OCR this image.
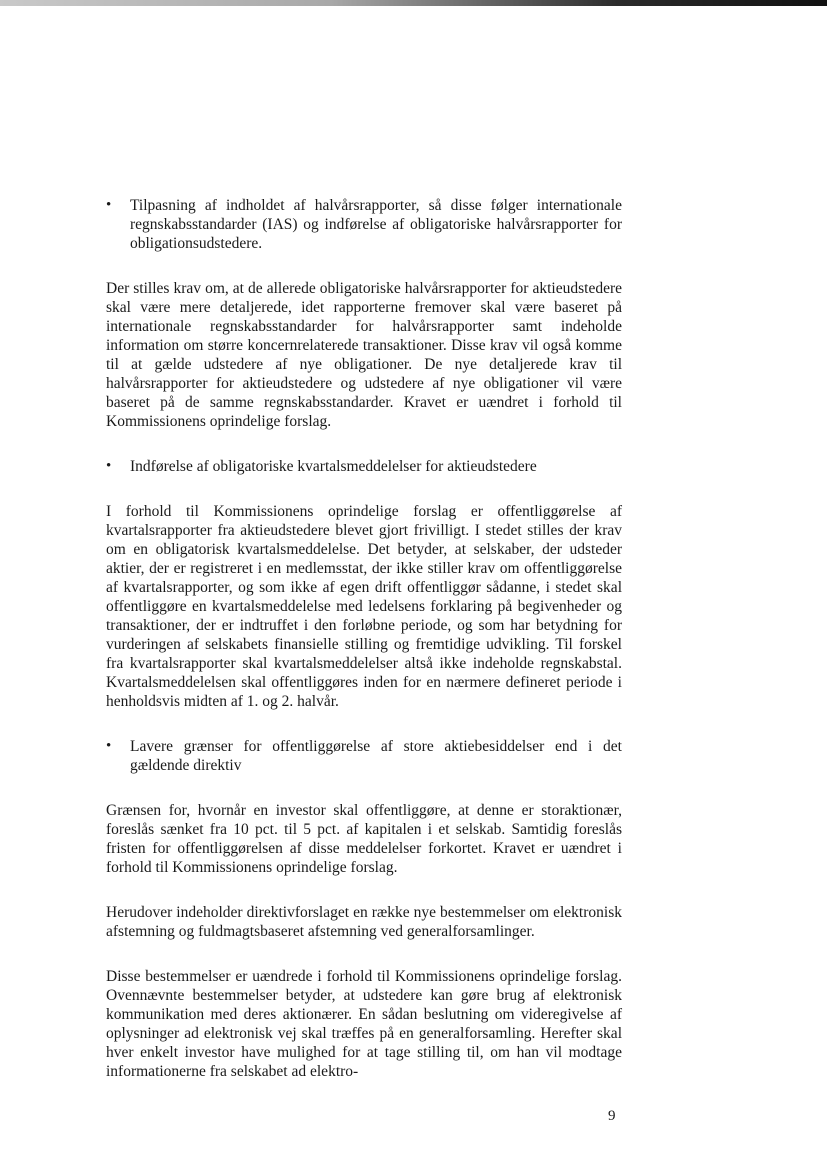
•	Tilpasning af indholdet af halvårsrapporter, så disse følger internationale regnskabsstandarder (IAS) og indførelse af obligatoriske halvårsrapporter for obligationsudstedere.

Der stilles krav om, at de allerede obligatoriske halvårsrapporter for aktieudstedere skal være mere detaljerede, idet rapporterne fremover skal være baseret på internationale regnskabsstandarder for halvårsrapporter samt indeholde information om større koncernrelaterede transaktioner. Disse krav vil også komme til at gælde udstedere af nye obligationer. De nye detaljerede krav til halvårsrapporter for aktieudstedere og udstedere af nye obligationer vil være baseret på de samme regnskabsstandarder. Kravet er uændret i forhold til Kommissionens oprindelige forslag.

•	Indførelse af obligatoriske kvartalsmeddelelser for aktieudstedere

I forhold til Kommissionens oprindelige forslag er offentliggørelse af kvartalsrapporter fra aktieudstedere blevet gjort frivilligt. I stedet stilles der krav om en obligatorisk kvartalsmeddelelse. Det betyder, at selskaber, der udsteder aktier, der er registreret i en medlemsstat, der ikke stiller krav om offentliggørelse af kvartalsrapporter, og som ikke af egen drift offentliggør sådanne, i stedet skal offentliggøre en kvartalsmeddelelse med ledelsens forklaring på begivenheder og transaktioner, der er indtruffet i den forløbne periode, og som har betydning for vurderingen af selskabets finansielle stilling og fremtidige udvikling. Til forskel fra kvartalsrapporter skal kvartalsmeddelelser altså ikke indeholde regnskabstal. Kvartalsmeddelelsen skal offentliggøres inden for en nærmere defineret periode i henholdsvis midten af 1. og 2. halvår.

•	Lavere grænser for offentliggørelse af store aktiebesiddelser end i det gældende direktiv

Grænsen for, hvornår en investor skal offentliggøre, at denne er storaktionær, foreslås sænket fra 10 pct. til 5 pct. af kapitalen i et selskab. Samtidig foreslås fristen for offentliggørelsen af disse meddelelser forkortet. Kravet er uændret i forhold til Kommissionens oprindelige forslag.

Herudover indeholder direktivforslaget en række nye bestemmelser om elektronisk afstemning og fuldmagtsbaseret afstemning ved generalforsamlinger.

Disse bestemmelser er uændrede i forhold til Kommissionens oprindelige forslag. Ovennævnte bestemmelser betyder, at udstedere kan gøre brug af elektronisk kommunikation med deres aktionærer. En sådan beslutning om videregivelse af oplysninger ad elektronisk vej skal træffes på en generalforsamling. Herefter skal hver enkelt investor have mulighed for at tage stilling til, om han vil modtage informationerne fra selskabet ad elektro-

9
